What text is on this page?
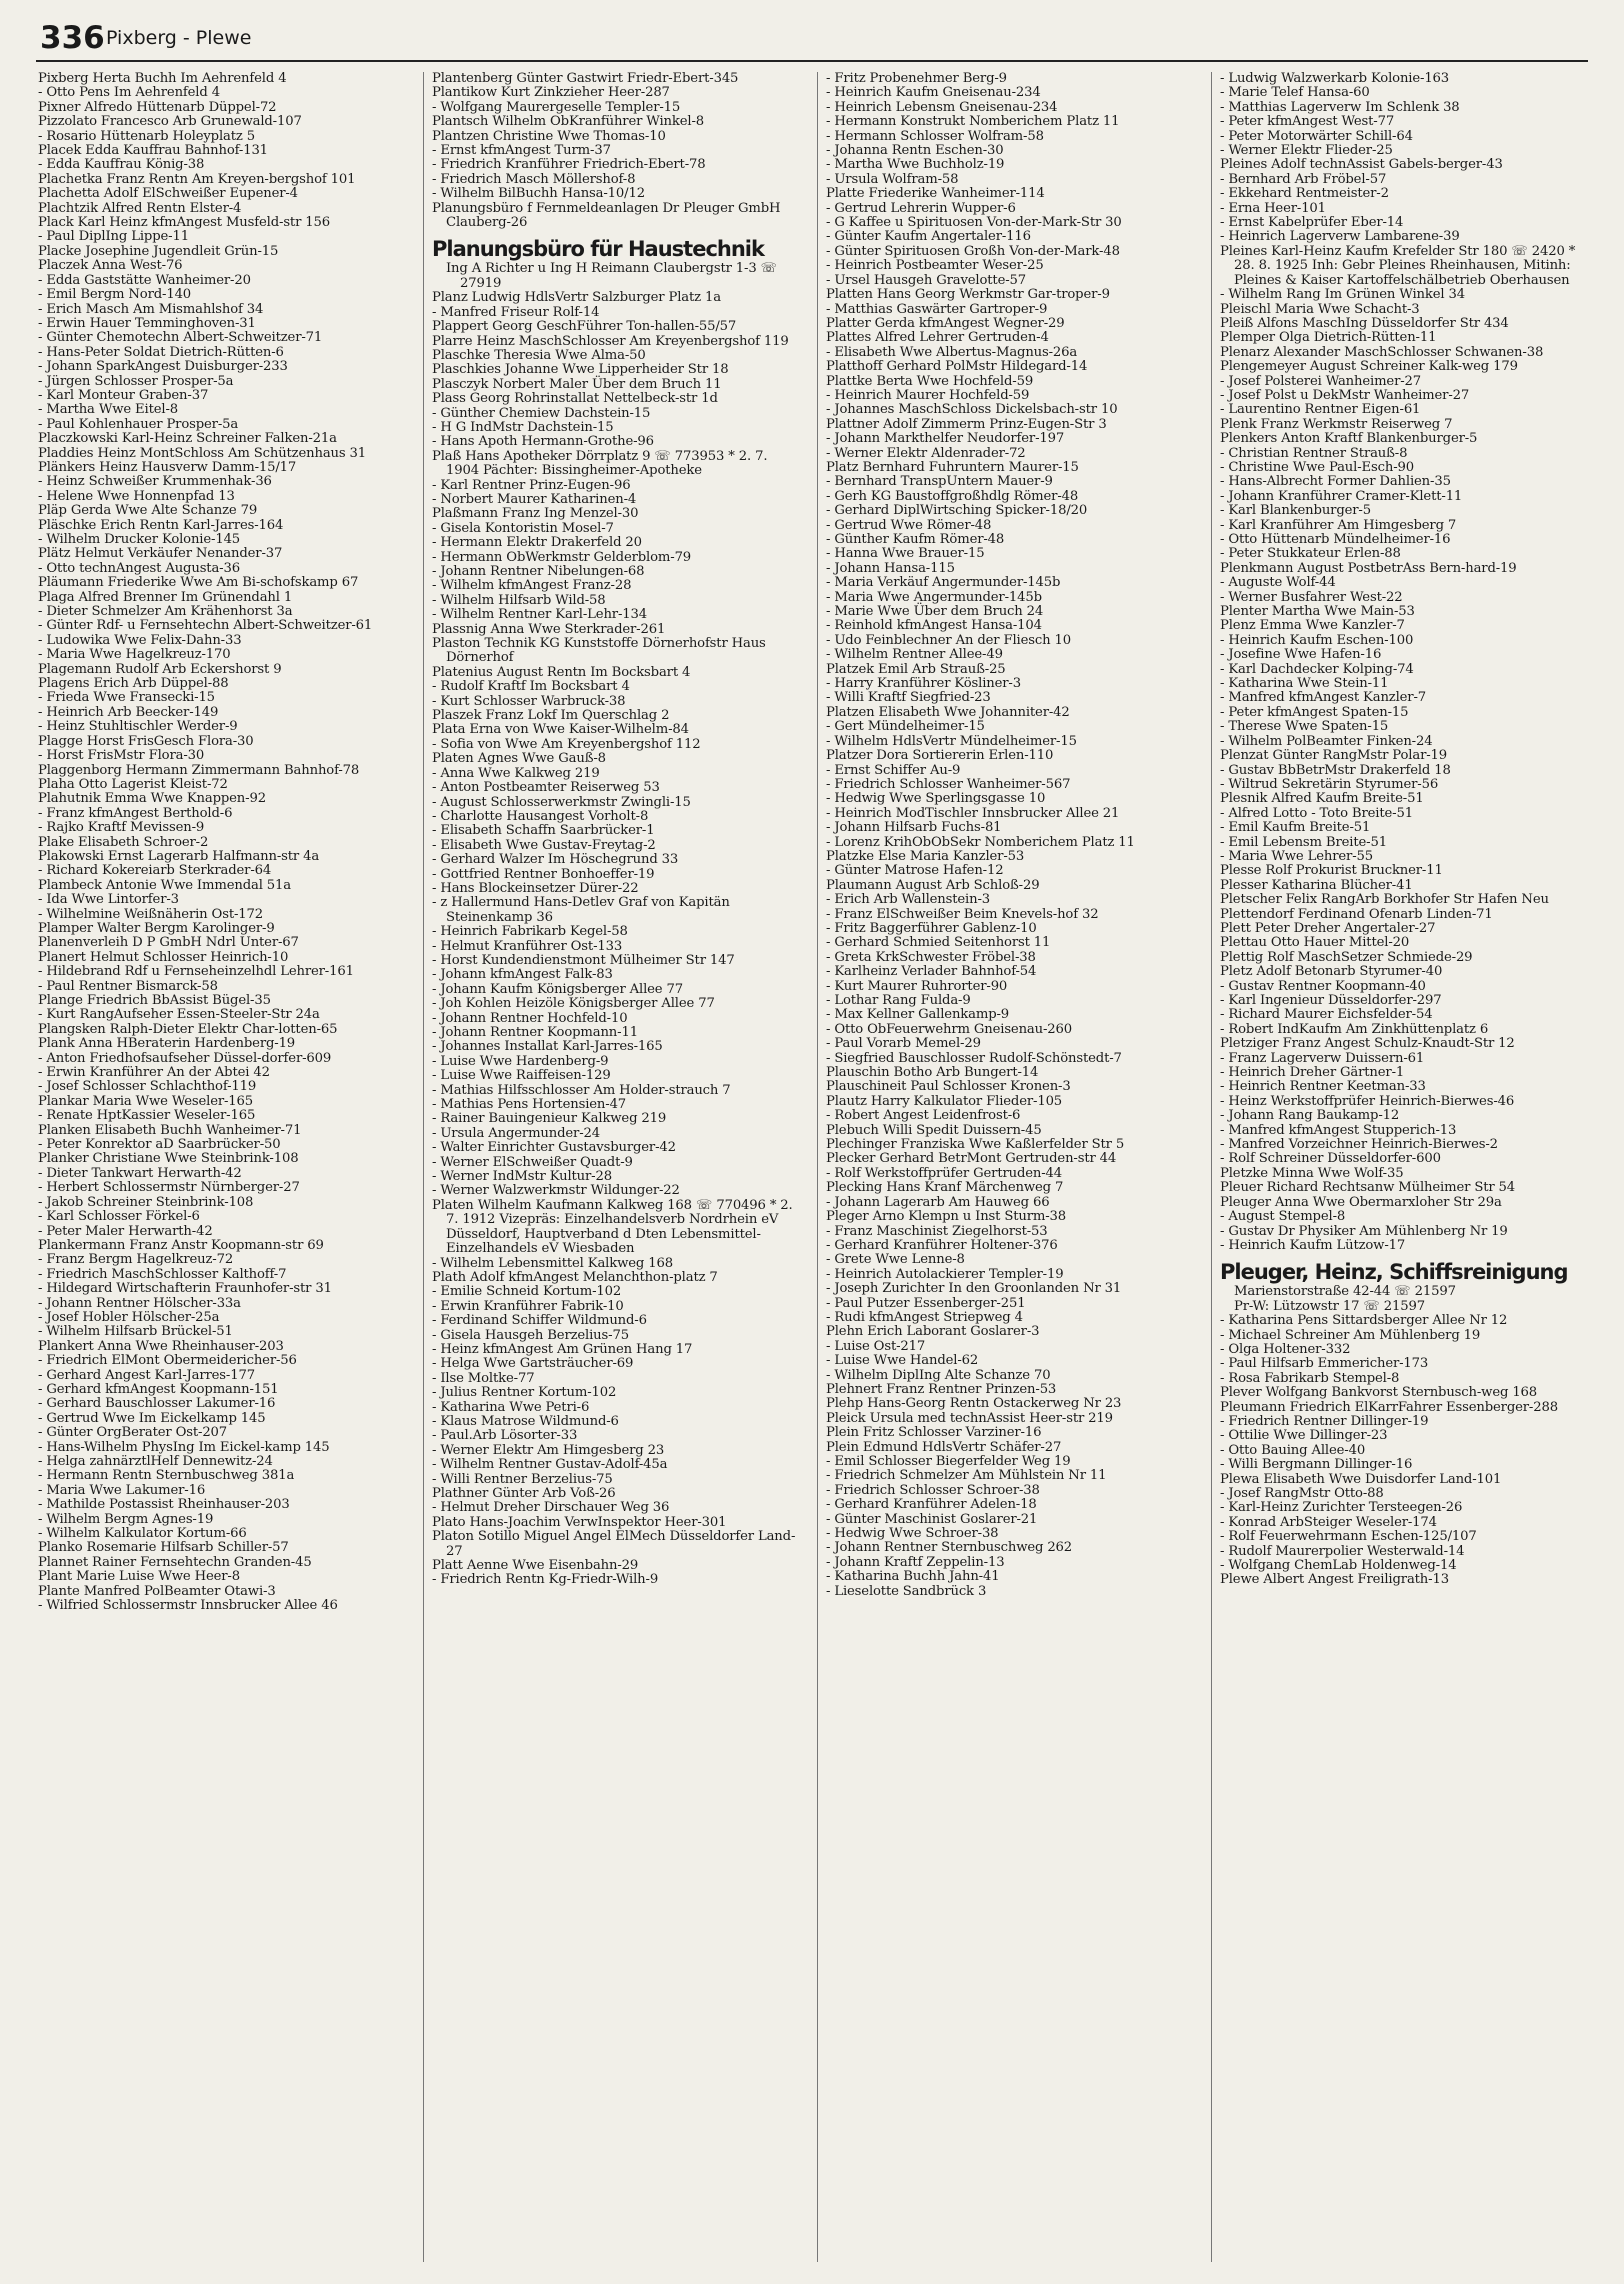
336 Pixberg - Plewe
Pixberg Herta Buchh Im Aehrenfeld 4
- Otto Pens Im Aehrenfeld 4
Pixner Alfredo Hüttenarb Düppel-72
Pizzolato Francesco Arb Grunewald-107
- Rosario Hüttenarb Holeyplatz 5
Placek Edda Kauffrau Bahnhof-131
- Edda Kauffrau König-38
Plachetka Franz Rentn Am Kreyen-bergshof 101
Plachetta Adolf ElSchweißer Eupener-4
Plachtzik Alfred Rentn Elster-4
Plack Karl Heinz kfmAngest Musfeld-str 156
- Paul DiplIng Lippe-11
Placke Josephine Jugendleit Grün-15
Placzek Anna West-76
- Edda Gaststätte Wanheimer-20
- Emil Bergm Nord-140
- Erich Masch Am Mismahlshof 34
- Erwin Hauer Temminghoven-31
- Günter Chemotechn Albert-Schweitzer-71
- Hans-Peter Soldat Dietrich-Rütten-6
- Johann SparkAngest Duisburger-233
- Jürgen Schlosser Prosper-5a
- Karl Monteur Graben-37
- Martha Wwe Eitel-8
- Paul Kohlenhauer Prosper-5a
Placzkowski Karl-Heinz Schreiner Falken-21a
Pladdies Heinz MontSchloss Am Schützenhaus 31
Plänkers Heinz Hausverw Damm-15/17
- Heinz Schweißer Krummenhak-36
- Helene Wwe Honnenpfad 13
Pläp Gerda Wwe Alte Schanze 79
Pläschke Erich Rentn Karl-Jarres-164
- Wilhelm Drucker Kolonie-145
Plätz Helmut Verkäufer Nenander-37
- Otto technAngest Augusta-36
Pläumann Friederike Wwe Am Bi-schofskamp 67
Plaga Alfred Brenner Im Grünendahl 1
- Dieter Schmelzer Am Krähenhorst 3a
- Günter Rdf- u Fernsehtechn Albert-Schweitzer-61
- Ludowika Wwe Felix-Dahn-33
- Maria Wwe Hagelkreuz-170
Plagemann Rudolf Arb Eckershorst 9
Plagens Erich Arb Düppel-88
- Frieda Wwe Fransecki-15
- Heinrich Arb Beecker-149
- Heinz Stuhltischler Werder-9
Plagge Horst FrisGesch Flora-30
- Horst FrisMstr Flora-30
Plaggenborg Hermann Zimmermann Bahnhof-78
Plaha Otto Lagerist Kleist-72
Plahutnik Emma Wwe Knappen-92
- Franz kfmAngest Berthold-6
- Rajko Kraftf Mevissen-9
Plake Elisabeth Schroer-2
Plakowski Ernst Lagerarb Halfmann-str 4a
- Richard Kokereiarb Sterkrader-64
Plambeck Antonie Wwe Immendal 51a
- Ida Wwe Lintorfer-3
- Wilhelmine Weißnäherin Ost-172
Plamper Walter Bergm Karolinger-9
Planenverleih D P GmbH Ndrl Unter-67
Planert Helmut Schlosser Heinrich-10
- Hildebrand Rdf u Fernseheinzelhdl Lehrer-161
- Paul Rentner Bismarck-58
Plange Friedrich BbAssist Bügel-35
- Kurt RangAufseher Essen-Steeler-Str 24a
Plangsken Ralph-Dieter Elektr Char-lotten-65
Plank Anna HBeraterin Hardenberg-19
- Anton Friedhofsaufseher Düssel-dorfer-609
- Erwin Kranführer An der Abtei 42
- Josef Schlosser Schlachthof-119
Plankar Maria Wwe Weseler-165
- Renate HptKassier Weseler-165
Planken Elisabeth Buchh Wanheimer-71
- Peter Konrektor aD Saarbrücker-50
Planker Christiane Wwe Steinbrink-108
- Dieter Tankwart Herwarth-42
- Herbert Schlossermstr Nürnberger-27
- Jakob Schreiner Steinbrink-108
- Karl Schlosser Förkel-6
- Peter Maler Herwarth-42
Plankermann Franz Anstr Koopmann-str 69
- Franz Bergm Hagelkreuz-72
- Friedrich MaschSchlosser Kalthoff-7
- Hildegard Wirtschafterin Fraunhofer-str 31
- Johann Rentner Hölscher-33a
- Josef Hobler Hölscher-25a
- Wilhelm Hilfsarb Brückel-51
Plankert Anna Wwe Rheinhauser-203
- Friedrich ElMont Obermeidericher-56
- Gerhard Angest Karl-Jarres-177
- Gerhard kfmAngest Koopmann-151
- Gerhard Bauschlosser Lakumer-16
- Gertrud Wwe Im Eickelkamp 145
- Günter OrgBerater Ost-207
- Hans-Wilhelm PhysIng Im Eickel-kamp 145
- Helga zahnärztlHelf Dennewitz-24
- Hermann Rentn Sternbuschweg 381a
- Maria Wwe Lakumer-16
- Mathilde Postassist Rheinhauser-203
- Wilhelm Bergm Agnes-19
- Wilhelm Kalkulator Kortum-66
Planko Rosemarie Hilfsarb Schiller-57
Plannet Rainer Fernsehtechn Granden-45
Plant Marie Luise Wwe Heer-8
Plante Manfred PolBeamter Otawi-3
- Wilfried Schlossermstr Innsbrucker Allee 46
Plantenberg Günter Gastwirt Friedr-Ebert-345
Plantikow Kurt Zinkzieher Heer-287
- Wolfgang Maurergeselle Templer-15
Plantsch Wilhelm ObKranführer Winkel-8
Plantzen Christine Wwe Thomas-10
- Ernst kfmAngest Turm-37
- Friedrich Kranführer Friedrich-Ebert-78
- Friedrich Masch Möllershof-8
- Wilhelm BilBuchh Hansa-10/12
Planungsbüro f Fernmeldeanlagen Dr Pleuger GmbH Clauberg-26
Planungsbüro für Haustechnik
Ing A Richter u Ing H Reimann Claubergstr 1-3 ☏ 27919
Planz Ludwig HdlsVertr Salzburger Platz 1a
- Manfred Friseur Rolf-14
Plappert Georg GeschFührer Ton-hallen-55/57
Plarre Heinz MaschSchlosser Am Kreyenbergshof 119
Plaschke Theresia Wwe Alma-50
Plaschkies Johanne Wwe Lipperheider Str 18
Plasczyk Norbert Maler Über dem Bruch 11
Plass Georg Rohrinstallat Nettelbeck-str 1d
- Günther Chemiew Dachstein-15
- H G IndMstr Dachstein-15
- Hans Apoth Hermann-Grothe-96
Plaß Hans Apotheker Dörrplatz 9 ☏ 773953 * 2. 7. 1904 Pächter: Bissingheimer-Apotheke
- Karl Rentner Prinz-Eugen-96
- Norbert Maurer Katharinen-4
Plaßmann Franz Ing Menzel-30
- Gisela Kontoristin Mosel-7
- Hermann Elektr Drakerfeld 20
- Hermann ObWerkmstr Gelderblom-79
- Johann Rentner Nibelungen-68
- Wilhelm kfmAngest Franz-28
- Wilhelm Hilfsarb Wild-58
- Wilhelm Rentner Karl-Lehr-134
Plassnig Anna Wwe Sterkrader-261
Plaston Technik KG Kunststoffe Dörnerhofstr Haus Dörnerhof
Platenius August Rentn Im Bocksbart 4
- Rudolf Kraftf Im Bocksbart 4
- Kurt Schlosser Warbruck-38
Plaszek Franz Lokf Im Querschlag 2
Plata Erna von Wwe Kaiser-Wilhelm-84
- Sofia von Wwe Am Kreyenbergshof 112
Platen Agnes Wwe Gauß-8
- Anna Wwe Kalkweg 219
- Anton Postbeamter Reiserweg 53
- August Schlosserwerkmstr Zwingli-15
- Charlotte Hausangest Vorholt-8
- Elisabeth Schaffn Saarbrücker-1
- Elisabeth Wwe Gustav-Freytag-2
- Gerhard Walzer Im Höschegrund 33
- Gottfried Rentner Bonhoeffer-19
- Hans Blockeinsetzer Dürer-22
- z Hallermund Hans-Detlev Graf von Kapitän Steinenkamp 36
- Heinrich Fabrikarb Kegel-58
- Helmut Kranführer Ost-133
- Horst Kundendienstmont Mülheimer Str 147
- Johann kfmAngest Falk-83
- Johann Kaufm Königsberger Allee 77
- Joh Kohlen Heizöle Königsberger Allee 77
- Johann Rentner Hochfeld-10
- Johann Rentner Koopmann-11
- Johannes Installat Karl-Jarres-165
- Luise Wwe Hardenberg-9
- Luise Wwe Raiffeisen-129
- Mathias Hilfsschlosser Am Holder-strauch 7
- Mathias Pens Hortensien-47
- Rainer Bauingenieur Kalkweg 219
- Ursula Angermunder-24
- Walter Einrichter Gustavsburger-42
- Werner ElSchweißer Quadt-9
- Werner IndMstr Kultur-28
- Werner Walzwerkmstr Wildunger-22
Platen Wilhelm Kaufmann Kalkweg 168 ☏ 770496 * 2. 7. 1912 Vizepräs: Einzelhandelsverb Nordrhein eV Düsseldorf, Hauptverband d Dten Lebensmittel-Einzelhandels eV Wiesbaden
- Wilhelm Lebensmittel Kalkweg 168
Plath Adolf kfmAngest Melanchthon-platz 7
- Emilie Schneid Kortum-102
- Erwin Kranführer Fabrik-10
- Ferdinand Schiffer Wildmund-6
- Gisela Hausgeh Berzelius-75
- Heinz kfmAngest Am Grünen Hang 17
- Helga Wwe Gartsträucher-69
- Ilse Moltke-77
- Julius Rentner Kortum-102
- Katharina Wwe Petri-6
- Klaus Matrose Wildmund-6
- Paul.Arb Lösorter-33
- Werner Elektr Am Himgesberg 23
- Wilhelm Rentner Gustav-Adolf-45a
- Willi Rentner Berzelius-75
Plathner Günter Arb Voß-26
- Helmut Dreher Dirschauer Weg 36
Plato Hans-Joachim VerwInspektor Heer-301
Platon Sotillo Miguel Angel ElMech Düsseldorfer Land-27
Platt Aenne Wwe Eisenbahn-29
- Friedrich Rentn Kg-Friedr-Wilh-9
- Fritz Probenehmer Berg-9
- Heinrich Kaufm Gneisenau-234
- Heinrich Lebensm Gneisenau-234
- Hermann Konstrukt Nomberichem Platz 11
- Hermann Schlosser Wolfram-58
- Johanna Rentn Eschen-30
- Martha Wwe Buchholz-19
- Ursula Wolfram-58
Platte Friederike Wanheimer-114
- Gertrud Lehrerin Wupper-6
- G Kaffee u Spirituosen Von-der-Mark-Str 30
- Günter Kaufm Angertaler-116
- Günter Spirituosen Großh Von-der-Mark-48
- Heinrich Postbeamter Weser-25
- Ursel Hausgeh Gravelotte-57
Platten Hans Georg Werkmstr Gar-troper-9
- Matthias Gaswärter Gartroper-9
Platter Gerda kfmAngest Wegner-29
Plattes Alfred Lehrer Gertruden-4
- Elisabeth Wwe Albertus-Magnus-26a
Platthoff Gerhard PolMstr Hildegard-14
Plattke Berta Wwe Hochfeld-59
- Heinrich Maurer Hochfeld-59
- Johannes MaschSchloss Dickelsbach-str 10
Plattner Adolf Zimmerm Prinz-Eugen-Str 3
- Johann Markthelfer Neudorfer-197
- Werner Elektr Aldenrader-72
Platz Bernhard Fuhruntern Maurer-15
- Bernhard TranspUntern Mauer-9
- Gerh KG Baustoffgroßhdlg Römer-48
- Gerhard DiplWirtsching Spicker-18/20
- Gertrud Wwe Römer-48
- Günther Kaufm Römer-48
- Hanna Wwe Brauer-15
- Johann Hansa-115
- Maria Verkäuf Angermunder-145b
- Maria Wwe Angermunder-145b
- Marie Wwe Über dem Bruch 24
- Reinhold kfmAngest Hansa-104
- Udo Feinblechner An der Fliesch 10
- Wilhelm Rentner Allee-49
Platzek Emil Arb Strauß-25
- Harry Kranführer Kösliner-3
- Willi Kraftf Siegfried-23
Platzen Elisabeth Wwe Johanniter-42
- Gert Mündelheimer-15
- Wilhelm HdlsVertr Mündelheimer-15
Platzer Dora Sortiererin Erlen-110
- Ernst Schiffer Au-9
- Friedrich Schlosser Wanheimer-567
- Hedwig Wwe Sperlingsgasse 10
- Heinrich ModTischler Innsbrucker Allee 21
- Johann Hilfsarb Fuchs-81
- Lorenz KrihObObSekr Nomberichem Platz 11
Platzke Else Maria Kanzler-53
- Günter Matrose Hafen-12
Plaumann August Arb Schloß-29
- Erich Arb Wallenstein-3
- Franz ElSchweißer Beim Knevels-hof 32
- Fritz Baggerführer Gablenz-10
- Gerhard Schmied Seitenhorst 11
- Greta KrkSchwester Fröbel-38
- Karlheinz Verlader Bahnhof-54
- Kurt Maurer Ruhrorter-90
- Lothar Rang Fulda-9
- Max Kellner Gallenkamp-9
- Otto ObFeuerwehrm Gneisenau-260
- Paul Vorarb Memel-29
- Siegfried Bauschlosser Rudolf-Schönstedt-7
Plauschin Botho Arb Bungert-14
Plauschineit Paul Schlosser Kronen-3
Plautz Harry Kalkulator Flieder-105
- Robert Angest Leidenfrost-6
Plebuch Willi Spedit Duissern-45
Plechinger Franziska Wwe Kaßlerfelder Str 5
Plecker Gerhard BetrMont Gertruden-str 44
- Rolf Werkstoffprüfer Gertruden-44
Plecking Hans Kranf Märchenweg 7
- Johann Lagerarb Am Hauweg 66
Pleger Arno Klempn u Inst Sturm-38
- Franz Maschinist Ziegelhorst-53
- Gerhard Kranführer Holtener-376
- Grete Wwe Lenne-8
- Heinrich Autolackierer Templer-19
- Joseph Zurichter In den Groonlanden Nr 31
- Paul Putzer Essenberger-251
- Rudi kfmAngest Striepweg 4
Plehn Erich Laborant Goslarer-3
- Luise Ost-217
- Luise Wwe Handel-62
- Wilhelm DiplIng Alte Schanze 70
Plehnert Franz Rentner Prinzen-53
Plehp Hans-Georg Rentn Ostackerweg Nr 23
Pleick Ursula med technAssist Heer-str 219
Plein Fritz Schlosser Varziner-16
Plein Edmund HdlsVertr Schäfer-27
- Emil Schlosser Biegerfelder Weg 19
- Friedrich Schmelzer Am Mühlstein Nr 11
- Friedrich Schlosser Schroer-38
- Gerhard Kranführer Adelen-18
- Günter Maschinist Goslarer-21
- Hedwig Wwe Schroer-38
- Johann Rentner Sternbuschweg 262
- Johann Kraftf Zeppelin-13
- Katharina Buchh Jahn-41
- Lieselotte Sandbrück 3
- Ludwig Walzwerkarb Kolonie-163
- Marie Telef Hansa-60
- Matthias Lagerverw Im Schlenk 38
- Peter kfmAngest West-77
- Peter Motorwärter Schill-64
- Werner Elektr Flieder-25
Pleines Adolf technAssist Gabels-berger-43
- Bernhard Arb Fröbel-57
- Ekkehard Rentmeister-2
- Erna Heer-101
- Ernst Kabelprüfer Eber-14
- Heinrich Lagerverw Lambarene-39
Pleines Karl-Heinz Kaufm Krefelder Str 180 ☏ 2420 * 28. 8. 1925 Inh: Gebr Pleines Rheinhausen, Mitinh: Pleines & Kaiser Kartoffelschälbetrieb Oberhausen
- Wilhelm Rang Im Grünen Winkel 34
Pleischl Maria Wwe Schacht-3
Pleiß Alfons MaschIng Düsseldorfer Str 434
Plemper Olga Dietrich-Rütten-11
Plenarz Alexander MaschSchlosser Schwanen-38
Plengemeyer August Schreiner Kalk-weg 179
- Josef Polsterei Wanheimer-27
- Josef Polst u DekMstr Wanheimer-27
- Laurentino Rentner Eigen-61
Plenk Franz Werkmstr Reiserweg 7
Plenkers Anton Kraftf Blankenburger-5
- Christian Rentner Strauß-8
- Christine Wwe Paul-Esch-90
- Hans-Albrecht Former Dahlien-35
- Johann Kranführer Cramer-Klett-11
- Karl Blankenburger-5
- Karl Kranführer Am Himgesberg 7
- Otto Hüttenarb Mündelheimer-16
- Peter Stukkateur Erlen-88
Plenkmann August PostbetrAss Bern-hard-19
- Auguste Wolf-44
- Werner Busfahrer West-22
Plenter Martha Wwe Main-53
Plenz Emma Wwe Kanzler-7
- Heinrich Kaufm Eschen-100
- Josefine Wwe Hafen-16
- Karl Dachdecker Kolping-74
- Katharina Wwe Stein-11
- Manfred kfmAngest Kanzler-7
- Peter kfmAngest Spaten-15
- Therese Wwe Spaten-15
- Wilhelm PolBeamter Finken-24
Plenzat Günter RangMstr Polar-19
- Gustav BbBetrMstr Drakerfeld 18
- Wiltrud Sekretärin Styrumer-56
Plesnik Alfred Kaufm Breite-51
- Alfred Lotto - Toto Breite-51
- Emil Kaufm Breite-51
- Emil Lebensm Breite-51
- Maria Wwe Lehrer-55
Plesse Rolf Prokurist Bruckner-11
Plesser Katharina Blücher-41
Pletscher Felix RangArb Borkhofer Str Hafen Neu
Plettendorf Ferdinand Ofenarb Linden-71
Plett Peter Dreher Angertaler-27
Plettau Otto Hauer Mittel-20
Plettig Rolf MaschSetzer Schmiede-29
Pletz Adolf Betonarb Styrumer-40
- Gustav Rentner Koopmann-40
- Karl Ingenieur Düsseldorfer-297
- Richard Maurer Eichsfelder-54
- Robert IndKaufm Am Zinkhüttenplatz 6
Pletziger Franz Angest Schulz-Knaudt-Str 12
- Franz Lagerverw Duissern-61
- Heinrich Dreher Gärtner-1
- Heinrich Rentner Keetman-33
- Heinz Werkstoffprüfer Heinrich-Bierwes-46
- Johann Rang Baukamp-12
- Manfred kfmAngest Stupperich-13
- Manfred Vorzeichner Heinrich-Bierwes-2
- Rolf Schreiner Düsseldorfer-600
Pletzke Minna Wwe Wolf-35
Pleuer Richard Rechtsanw Mülheimer Str 54
Pleuger Anna Wwe Obermarxloher Str 29a
- August Stempel-8
- Gustav Dr Physiker Am Mühlenberg Nr 19
- Heinrich Kaufm Lützow-17
Pleuger, Heinz, Schiffsreinigung
Marienstorstraße 42-44 ☏ 21597
Pr-W: Lützowstr 17 ☏ 21597
- Katharina Pens Sittardsberger Allee Nr 12
- Michael Schreiner Am Mühlenberg 19
- Olga Holtener-332
- Paul Hilfsarb Emmericher-173
- Rosa Fabrikarb Stempel-8
Plever Wolfgang Bankvorst Sternbusch-weg 168
Pleumann Friedrich ElKarrFahrer Essenberger-288
- Friedrich Rentner Dillinger-19
- Ottilie Wwe Dillinger-23
- Otto Bauing Allee-40
- Willi Bergmann Dillinger-16
Plewa Elisabeth Wwe Duisdorfer Land-101
- Josef RangMstr Otto-88
- Karl-Heinz Zurichter Tersteegen-26
- Konrad ArbSteiger Weseler-174
- Rolf Feuerwehrmann Eschen-125/107
- Rudolf Maurerpolier Westerwald-14
- Wolfgang ChemLab Holdenweg-14
Plewe Albert Angest Freiligrath-13
